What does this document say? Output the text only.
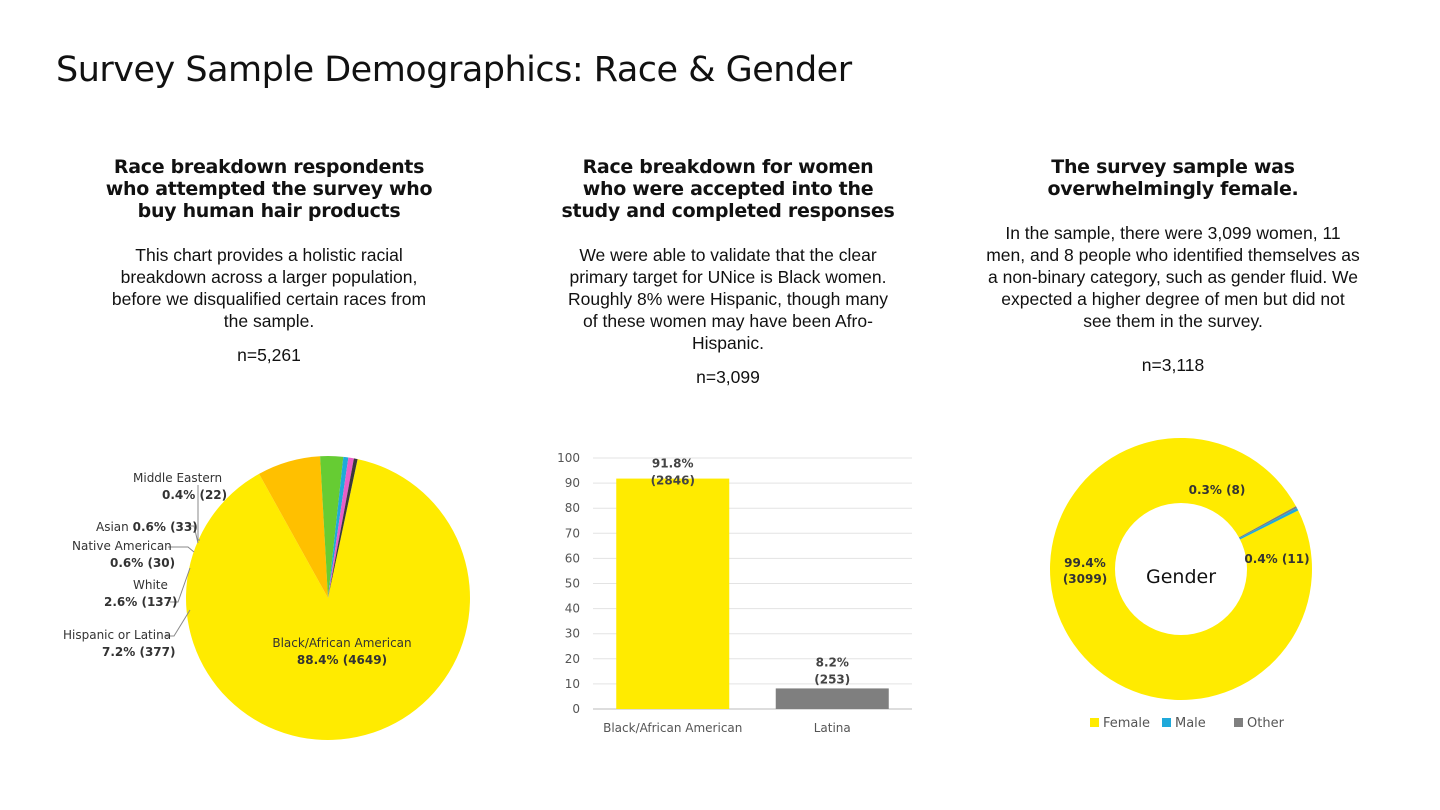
Survey Sample Demographics: Race & Gender
Race breakdown respondents who attempted the survey who buy human hair products

This chart provides a holistic racial breakdown across a larger population, before we disqualified certain races from the sample.

n=5,261

Race breakdown for women who were accepted into the study and completed responses

We were able to validate that the clear primary target for UNice is Black women. Roughly 8% were Hispanic, though many of these women may have been Afro-Hispanic.

n=3,099

The survey sample was overwhelmingly female.

In the sample, there were 3,099 women, 11 men, and 8 people who identified themselves as a non-binary category, such as gender fluid. We expected a higher degree of men but did not see them in the survey.

n=3,118

Middle Eastern
0.4% (22)
Asian 0.6% (33)
Native American
0.6% (30)
White
2.6% (137)
Hispanic or Latina
7.2% (377)
Black/African American
88.4% (4649)
100
90
80
70
60
50
40
30
20
10
0
91.8%
(2846)
8.2%
(253)
Black/African American	Latina
Gender
99.4%
(3099)
0.3% (8)
0.4% (11)
Female Male	Other
